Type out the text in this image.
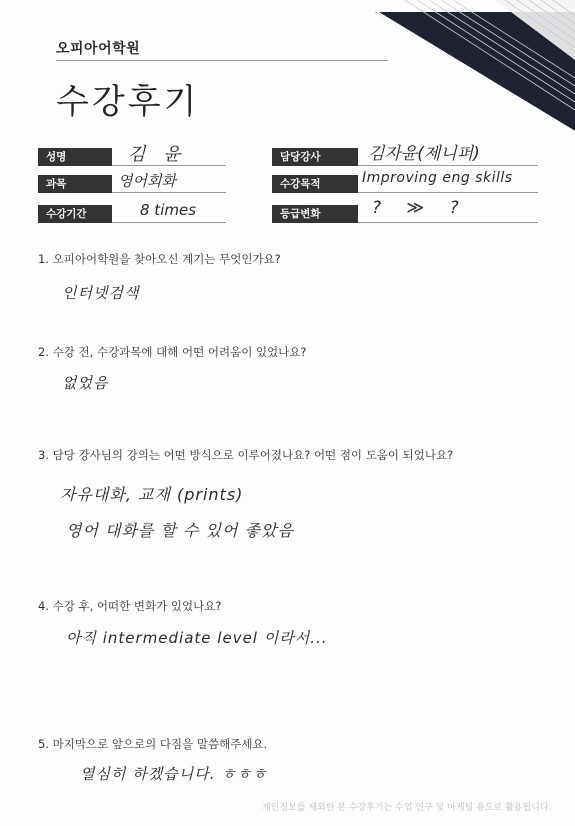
오피아어학원
수강후기
성명	김 윤	담당강사	김자윤(제니퍼)
과목	영어회화	수강목적	Improving eng skills
수강기간	8 times	등급변화	? ≫ ?
1. 오피아어학원을 찾아오신 계기는 무엇인가요?
인터넷검색
2. 수강 전, 수강과목에 대해 어떤 어려움이 있었나요?
없었음
3. 담당 강사님의 강의는 어떤 방식으로 이루어졌나요? 어떤 점이 도움이 되었나요?
자유대화, 교재 (prints)
영어 대화를 할 수 있어 좋았음
4. 수강 후, 어떠한 변화가 있었나요?
아직 intermediate level 이라서...
5. 마지막으로 앞으로의 다짐을 말씀해주세요.
열심히 하겠습니다. ㅎㅎㅎ
개인정보를 제외한 본 수강후기는 수업 연구 및 마케팅 용도로 활용됩니다.
